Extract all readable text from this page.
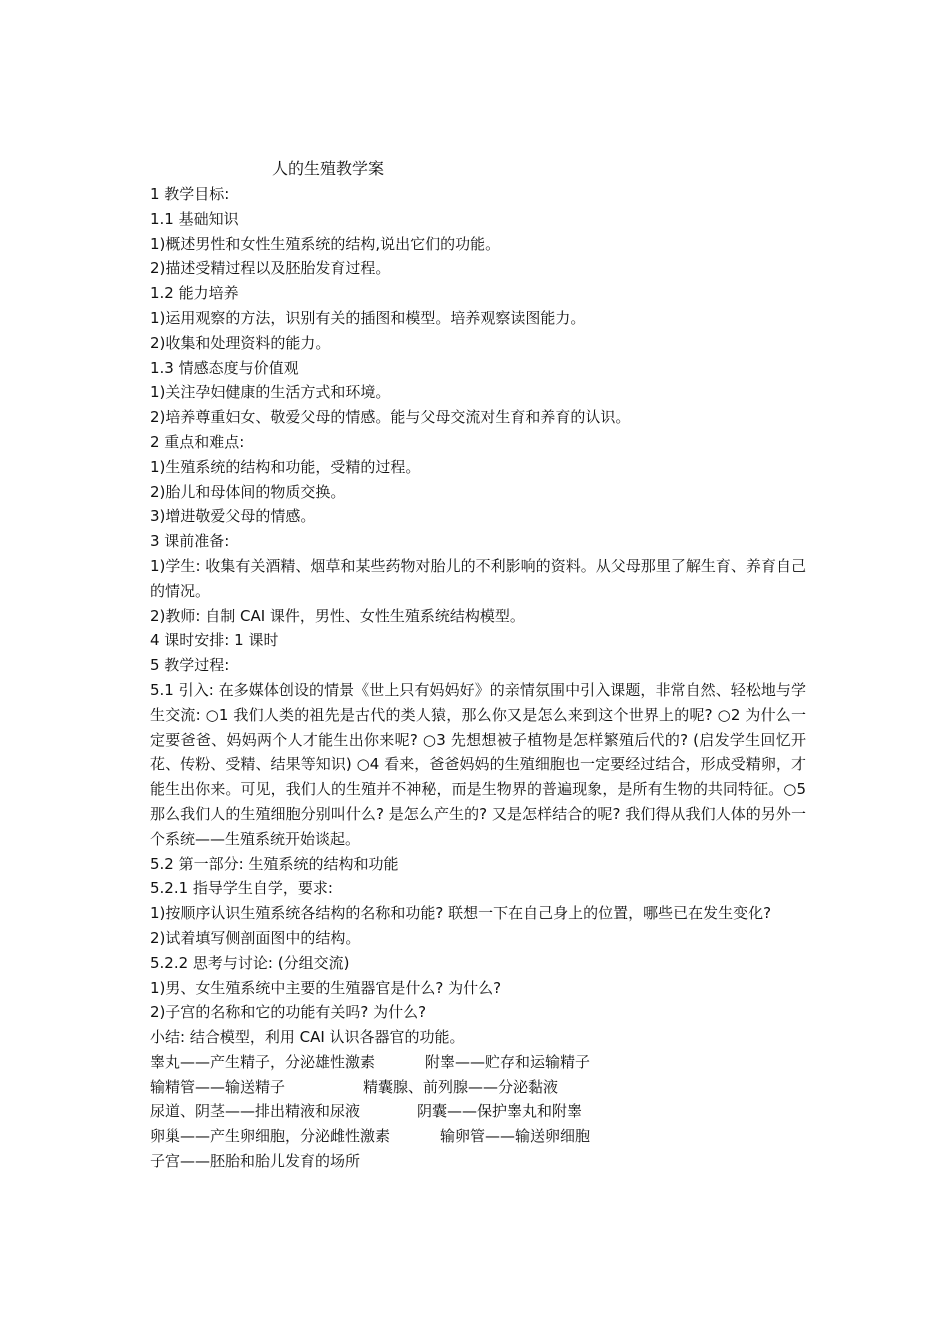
人的生殖教学案
1 教学目标:
1.1 基础知识
1)概述男性和女性生殖系统的结构,说出它们的功能。
2)描述受精过程以及胚胎发育过程。
1.2 能力培养
1)运用观察的方法，识别有关的插图和模型。培养观察读图能力。
2)收集和处理资料的能力。
1.3 情感态度与价值观
1)关注孕妇健康的生活方式和环境。
2)培养尊重妇女、敬爱父母的情感。能与父母交流对生育和养育的认识。
2 重点和难点:
1)生殖系统的结构和功能，受精的过程。
2)胎儿和母体间的物质交换。
3)增进敬爱父母的情感。
3 课前准备:
1)学生: 收集有关酒精、烟草和某些药物对胎儿的不利影响的资料。从父母那里了解生育、养育自己的情况。
2)教师: 自制 CAI 课件，男性、女性生殖系统结构模型。
4 课时安排: 1 课时
5 教学过程:
5.1 引入: 在多媒体创设的情景《世上只有妈妈好》的亲情氛围中引入课题，非常自然、轻松地与学生交流: ○1 我们人类的祖先是古代的类人猿，那么你又是怎么来到这个世界上的呢? ○2 为什么一定要爸爸、妈妈两个人才能生出你来呢? ○3 先想想被子植物是怎样繁殖后代的? (启发学生回忆开花、传粉、受精、结果等知识) ○4 看来，爸爸妈妈的生殖细胞也一定要经过结合，形成受精卵，才能生出你来。可见，我们人的生殖并不神秘，而是生物界的普遍现象，是所有生物的共同特征。○5 那么我们人的生殖细胞分别叫什么? 是怎么产生的? 又是怎样结合的呢? 我们得从我们人体的另外一个系统——生殖系统开始谈起。
5.2 第一部分: 生殖系统的结构和功能
5.2.1 指导学生自学，要求:
1)按顺序认识生殖系统各结构的名称和功能? 联想一下在自己身上的位置，哪些已在发生变化?
2)试着填写侧剖面图中的结构。
5.2.2 思考与讨论: (分组交流)
1)男、女生殖系统中主要的生殖器官是什么? 为什么?
2)子宫的名称和它的功能有关吗? 为什么?
小结: 结合模型，利用 CAI 认识各器官的功能。
睾丸——产生精子，分泌雄性激素	附睾——贮存和运输精子
输精管——输送精子	精囊腺、前列腺——分泌黏液
尿道、阴茎——排出精液和尿液	阴囊——保护睾丸和附睾
卵巢——产生卵细胞，分泌雌性激素	输卵管——输送卵细胞
子宫——胚胎和胎儿发育的场所
